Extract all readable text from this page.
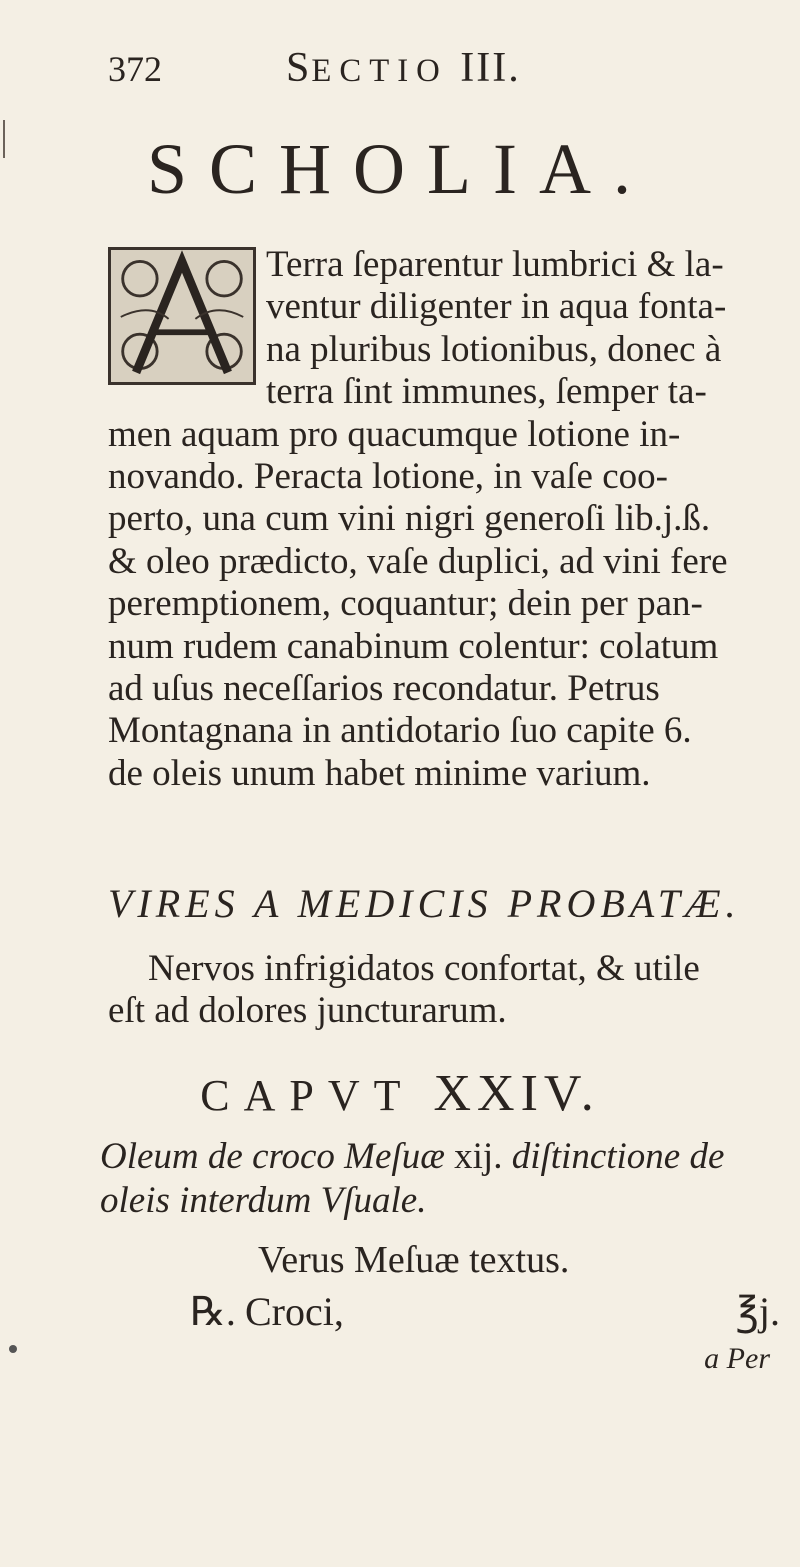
372	SECTIO III.
SCHOLIA.
Terra ſeparentur lumbrici & la-
ventur diligenter in aqua fonta-
na pluribus lotionibus, donec à
terra ſint immunes, ſemper ta-
men aquam pro quacumque lotione in-
novando. Peracta lotione, in vaſe coo-
perto, una cum vini nigri generoſi lib.j.ß.
& oleo prædicto, vaſe duplici, ad vini fere
peremptionem, coquantur; dein per pan-
num rudem canabinum colentur: colatum
ad uſus neceſſarios recondatur. Petrus
Montagnana in antidotario ſuo capite 6.
de oleis unum habet minime varium.
VIRES A MEDICIS PROBATÆ.
Nervos infrigidatos confortat, & utile
eſt ad dolores juncturarum.
CAPVT XXIV.
Oleum de croco Meſuæ xij. diſtinctione de
oleis interdum Vſuale.
Verus Meſuæ textus.
℞. Croci,	℥j.
a Per
